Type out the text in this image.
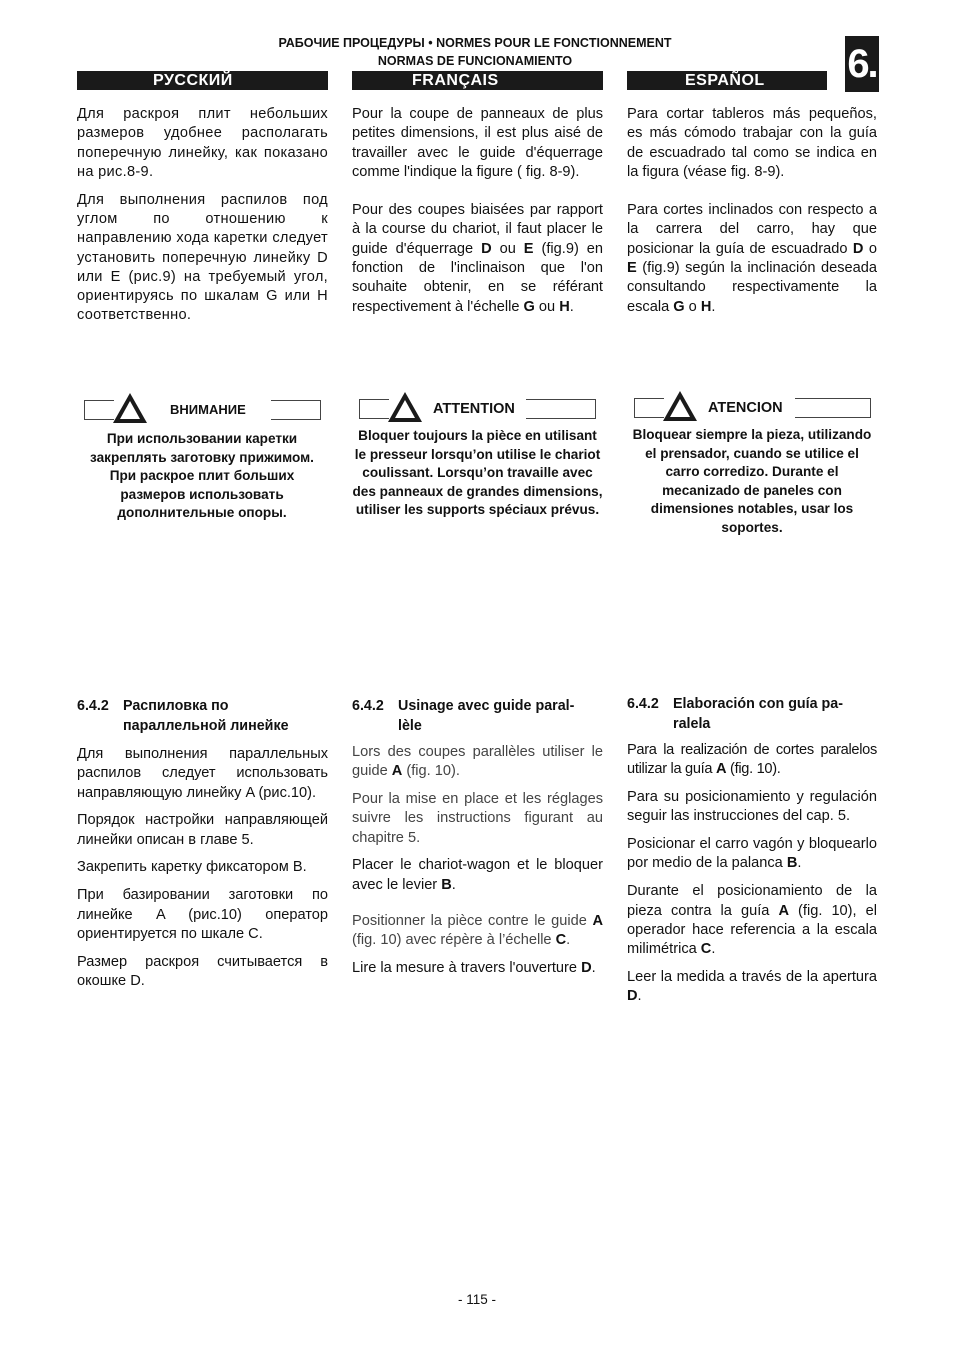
РАБОЧИЕ ПРОЦЕДУРЫ • NORMES POUR LE FONCTIONNEMENT
NORMAS DE FUNCIONAMIENTO	6.
РУССКИЙ	FRANÇAIS	ESPAÑOL

Для раскроя плит небольших размеров удобнее располагать поперечную линейку, как показано на рис.8-9.

Для выполнения распилов под углом по отношению к направлению хода каретки следует установить поперечную линейку D или E (рис.9) на требуемый угол, ориентируясь по шкалам G или H соответственно.

ВНИМАНИЕ
При использовании каретки закреплять заготовку прижимом. При раскрое плит больших размеров использовать дополнительные опоры.
6.4.2 Распиловка по
параллельной линейке

Для выполнения параллельных распилов следует использовать направляющую линейку A (рис.10).

Порядок настройки направляющей линейки описан в главе 5.

Закрепить каретку фиксатором B.

При базировании заготовки по линейке A (рис.10) оператор ориентируется по шкале C.

Размер раскроя считывается в окошке D.

Pour la coupe de panneaux de plus petites dimensions, il est plus aisé de travailler avec le guide d'équerrage comme l'indique la figure ( fig. 8-9).

Pour des coupes biaisées par rapport à la course du chariot, il faut placer le guide d'équerrage D ou E (fig.9) en fonction de l'inclinaison que l'on souhaite obtenir, en se référant respectivement à l'échelle G ou H.

ATTENTION
Bloquer toujours la pièce en utilisant le presseur lorsqu’on utilise le chariot coulissant. Lorsqu’on travaille avec des panneaux de grandes dimensions, utiliser les supports spéciaux prévus.
6.4.2 Usinage avec guide paral-
lèle

Lors des coupes parallèles utiliser le guide A (fig. 10).

Pour la mise en place et les réglages suivre les instructions figurant au chapitre 5.

Placer le chariot-wagon et le bloquer avec le levier B.

Positionner la pièce contre le guide A (fig. 10) avec répère à l’échelle C.

Lire la mesure à travers l'ouverture D.

Para cortar tableros más pequeños, es más cómodo trabajar con la guía de escuadrado tal como se indica en la figura (véase fig. 8-9).

Para cortes inclinados con respecto a la carrera del carro, hay que posicionar la guía de escuadrado D o E (fig.9) según la inclinación deseada consultando respectivamente la escala G o H.

ATENCION
Bloquear siempre la pieza, utilizando el prensador, cuando se utilice el carro corredizo. Durante el mecanizado de paneles con dimensiones notables, usar los soportes.
6.4.2 Elaboración con guía pa-
ralela

Para la realización de cortes paralelos utilizar la guía A (fig. 10).

Para su posicionamiento y regulación seguir las instrucciones del cap. 5.

Posicionar el carro vagón y bloquearlo por medio de la palanca B.

Durante el posicionamiento de la pieza contra la guía A (fig. 10), el operador hace referencia a la escala milimétrica C.

Leer la medida a través de la apertura D.

- 115 -
